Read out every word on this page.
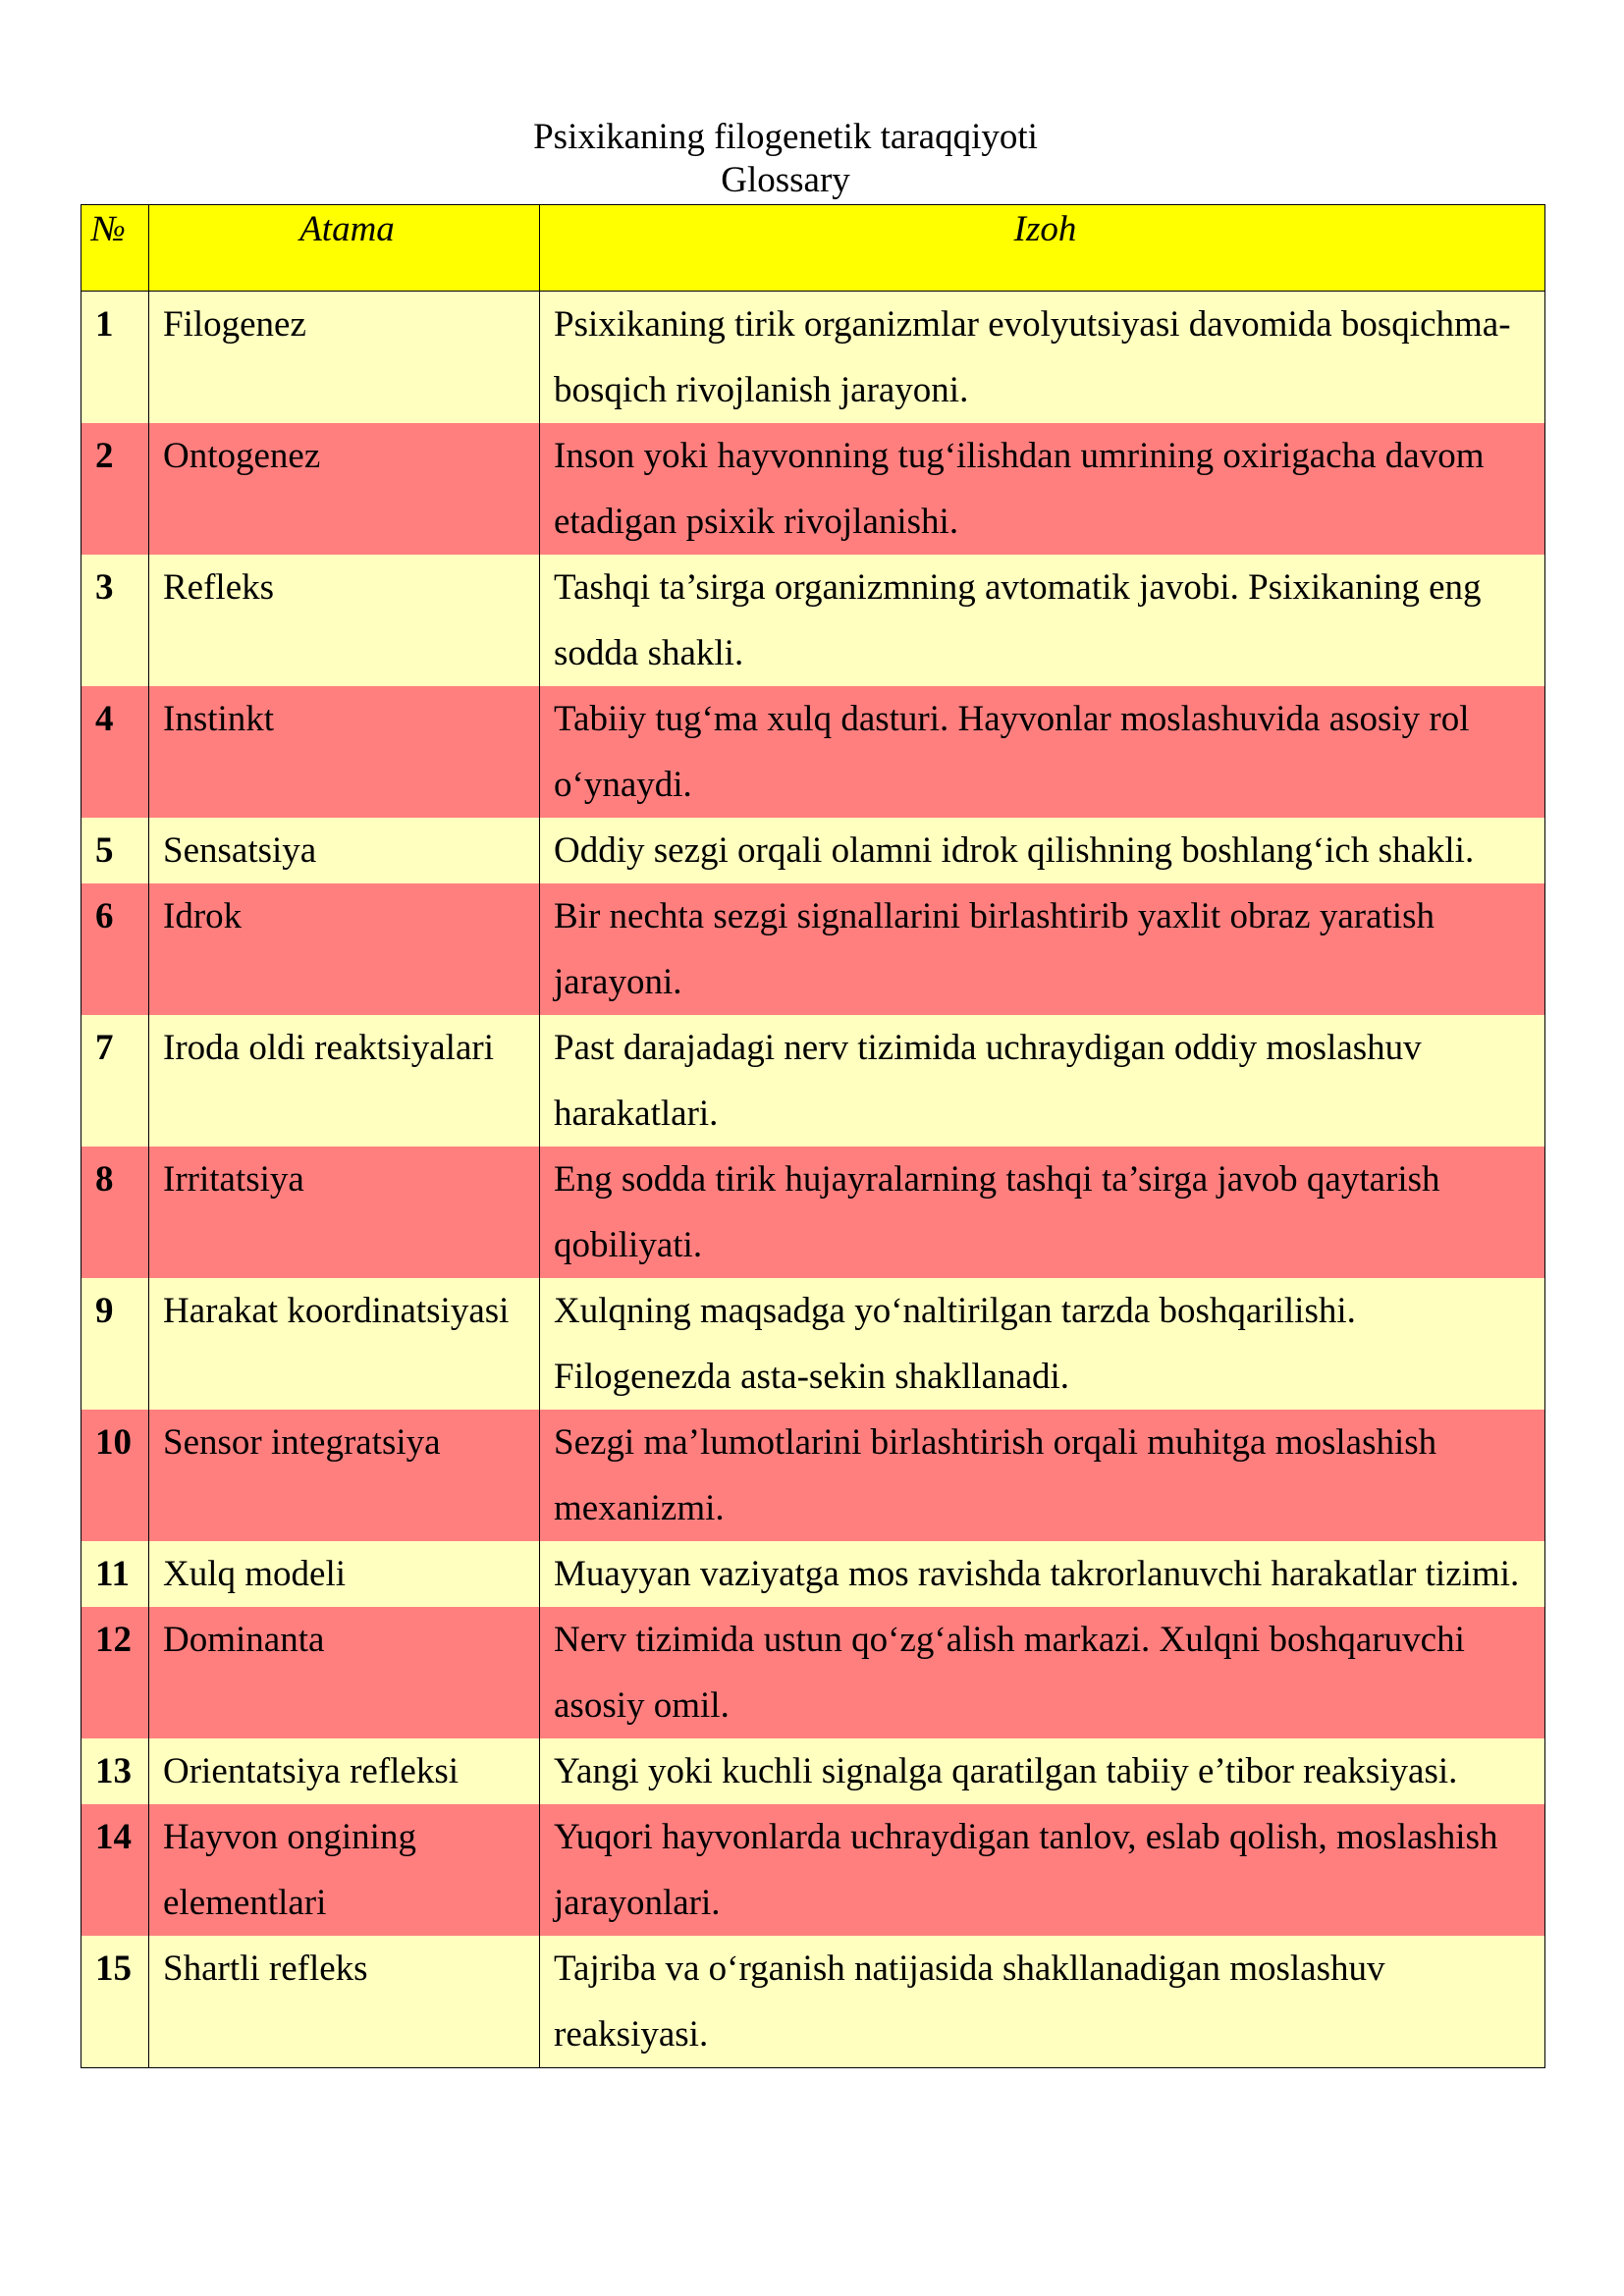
Psixikaning filogenetik taraqqiyoti
Glossary
№	Atama	Izoh
1	Filogenez	Psixikaning tirik organizmlar evolyutsiyasi davomida bosqichma-bosqich rivojlanish jarayoni.
2	Ontogenez	Inson yoki hayvonning tug‘ilishdan umrining oxirigacha davom etadigan psixik rivojlanishi.
3	Refleks	Tashqi ta’sirga organizmning avtomatik javobi. Psixikaning eng sodda shakli.
4	Instinkt	Tabiiy tug‘ma xulq dasturi. Hayvonlar moslashuvida asosiy rol o‘ynaydi.
5	Sensatsiya	Oddiy sezgi orqali olamni idrok qilishning boshlang‘ich shakli.
6	Idrok	Bir nechta sezgi signallarini birlashtirib yaxlit obraz yaratish jarayoni.
7	Iroda oldi reaktsiyalari	Past darajadagi nerv tizimida uchraydigan oddiy moslashuv harakatlari.
8	Irritatsiya	Eng sodda tirik hujayralarning tashqi ta’sirga javob qaytarish qobiliyati.
9	Harakat koordinatsiyasi	Xulqning maqsadga yo‘naltirilgan tarzda boshqarilishi. Filogenezda asta-sekin shakllanadi.
10	Sensor integratsiya	Sezgi ma’lumotlarini birlashtirish orqali muhitga moslashish mexanizmi.
11	Xulq modeli	Muayyan vaziyatga mos ravishda takrorlanuvchi harakatlar tizimi.
12	Dominanta	Nerv tizimida ustun qo‘zg‘alish markazi. Xulqni boshqaruvchi asosiy omil.
13	Orientatsiya refleksi	Yangi yoki kuchli signalga qaratilgan tabiiy e’tibor reaksiyasi.
14	Hayvon ongining elementlari	Yuqori hayvonlarda uchraydigan tanlov, eslab qolish, moslashish jarayonlari.
15	Shartli refleks	Tajriba va o‘rganish natijasida shakllanadigan moslashuv reaksiyasi.
